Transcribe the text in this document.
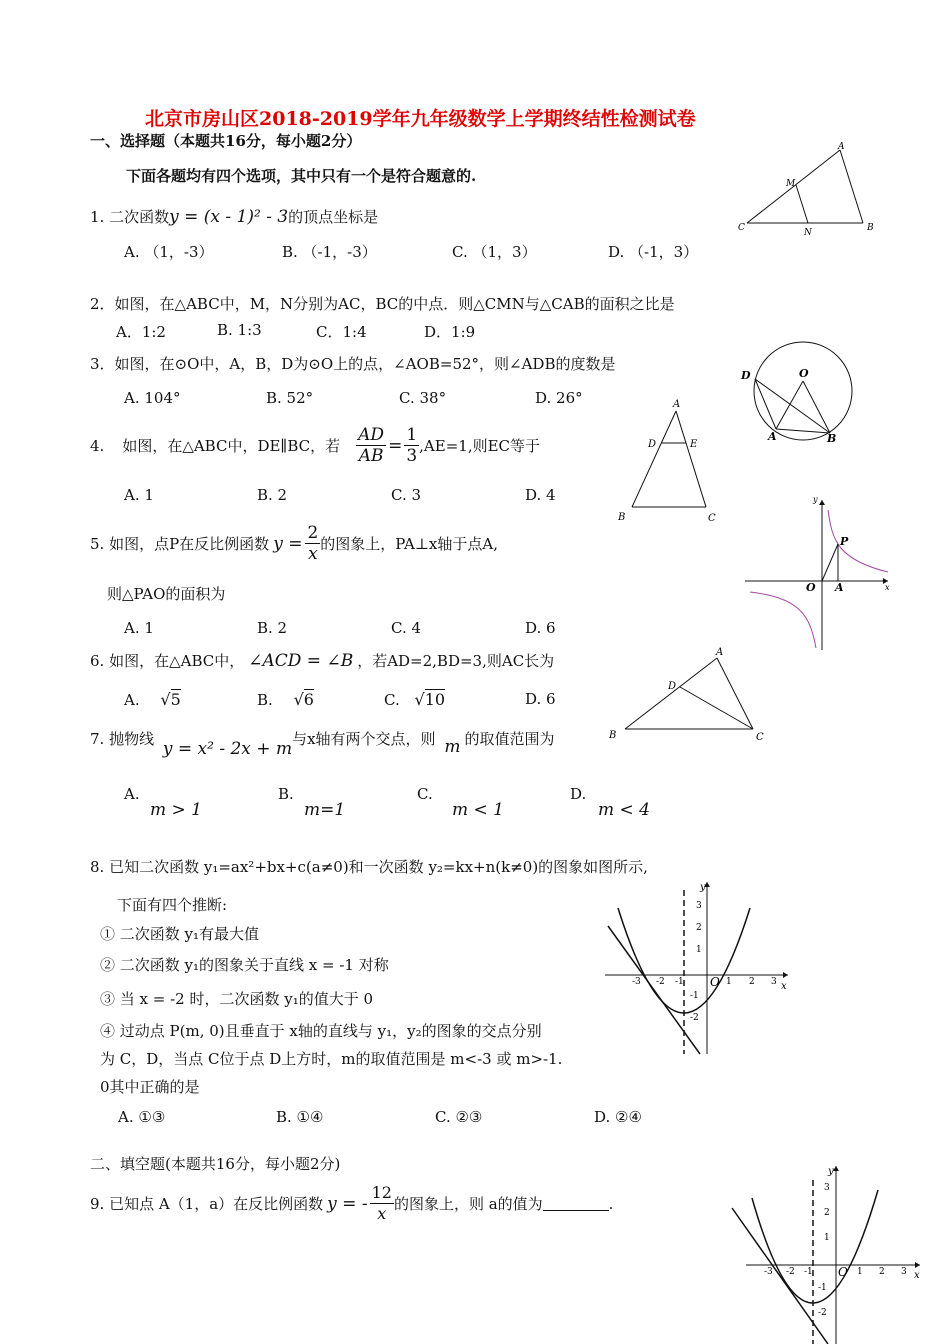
北京市房山区2018-2019学年九年级数学上学期终结性检测试卷
一、选择题（本题共16分，每小题2分）
下面各题均有四个选项，其中只有一个是符合题意的.
A
M
C	N	B
1. 二次函数y = (x - 1)² - 3的顶点坐标是
A. （1，-3）	B. （-1，-3）	C. （1，3）	D. （-1，3）
2．如图，在△ABC中，M，N分别为AC，BC的中点．则△CMN与△CAB的面积之比是
A．1:2	B. 1:3	C．1:4	D．1:9
3．如图，在⊙O中，A，B，D为⊙O上的点，∠AOB=52°，则∠ADB的度数是
A. 104°	B. 52°	C. 38°	D. 26°
D	O
A	B
4. 如图，在△ABC中，DE∥BC，若 $\frac{AD}{AB} = \frac{1}{3} ,AE=1$,则EC等于
A. 1	B. 2	C. 3	D. 4
A
D	E
B	C
5. 如图，点P在反比例函数 $y = \frac{2}{x}$ 的图象上，PA⊥x轴于点A,
则△PAO的面积为
A. 1	B. 2	C. 4	D. 6
y
P
O A	x
6. 如图，在△ABC中， ∠ACD = ∠B ，若AD=2,BD=3,则AC长为
A. √5	B. √6	C. √10	D. 6
A
D
B	C
7. 抛物线 y = x² - 2x + m与x轴有两个交点，则 m 的取值范围为
A.
m > 1
B.
m=1
C.
m < 1
D.
m < 4
8. 已知二次函数 y₁=ax²+bx+c(a≠0)和一次函数 y₂=kx+n(k≠0)的图象如图所示,
下面有四个推断:
① 二次函数 y₁有最大值
② 二次函数 y₁的图象关于直线 x = -1 对称
③ 当 x = -2 时，二次函数 y₁的值大于 0
④ 过动点 P(m, 0)且垂直于 x轴的直线与 y₁，y₂的图象的交点分别
为 C，D，当点 C位于点 D上方时，m的取值范围是 m<-3 或 m>-1.
0其中正确的是
A. ①③	B. ①④	C. ②③	D. ②④
y
x
3
2
1
-1
-2
-3 -2 -1 O 1 2 3
二、填空题(本题共16分，每小题2分)
9. 已知点 A（1，a）在反比例函数 y = - $\frac{12}{x}$ 的图象上，则 a的值为	.
y
x
3
2
1
-1
-2
-3 -2 -1 O 1 2 3
